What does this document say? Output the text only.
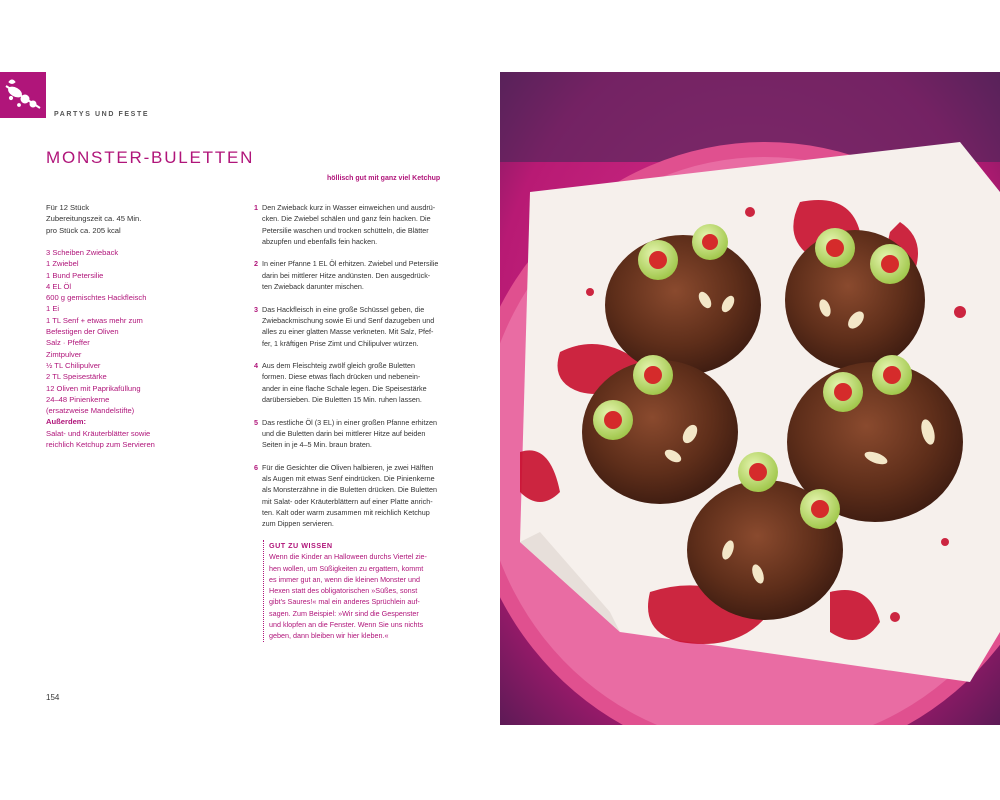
PARTYS UND FESTE
MONSTER-BULETTEN
höllisch gut mit ganz viel Ketchup
Für 12 Stück
Zubereitungszeit ca. 45 Min.
pro Stück ca. 205 kcal
3 Scheiben Zwieback
1 Zwiebel
1 Bund Petersilie
4 EL Öl
600 g gemischtes Hackfleisch
1 Ei
1 TL Senf + etwas mehr zum
Befestigen der Oliven
Salz · Pfeffer
Zimtpulver
½ TL Chilipulver
2 TL Speisestärke
12 Oliven mit Paprikafüllung
24–48 Pinienkerne
(ersatzweise Mandelstifte)
Außerdem:
Salat- und Kräuterblätter sowie
reichlich Ketchup zum Servieren
1 Den Zwieback kurz in Wasser einweichen und ausdrü-
cken. Die Zwiebel schälen und ganz fein hacken. Die
Petersilie waschen und trocken schütteln, die Blätter
abzupfen und ebenfalls fein hacken.
2 In einer Pfanne 1 EL Öl erhitzen. Zwiebel und Petersilie
darin bei mittlerer Hitze andünsten. Den ausgedrück-
ten Zwieback darunter mischen.
3 Das Hackfleisch in eine große Schüssel geben, die
Zwiebackmischung sowie Ei und Senf dazugeben und
alles zu einer glatten Masse verkneten. Mit Salz, Pfef-
fer, 1 kräftigen Prise Zimt und Chilipulver würzen.
4 Aus dem Fleischteig zwölf gleich große Buletten
formen. Diese etwas flach drücken und nebenein-
ander in eine flache Schale legen. Die Speisestärke
darübersieben. Die Buletten 15 Min. ruhen lassen.
5 Das restliche Öl (3 EL) in einer großen Pfanne erhitzen
und die Buletten darin bei mittlerer Hitze auf beiden
Seiten in je 4–5 Min. braun braten.
6 Für die Gesichter die Oliven halbieren, je zwei Hälften
als Augen mit etwas Senf eindrücken. Die Pinienkerne
als Monsterzähne in die Buletten drücken. Die Buletten
mit Salat- oder Kräuterblättern auf einer Platte anrich-
ten. Kalt oder warm zusammen mit reichlich Ketchup
zum Dippen servieren.
GUT ZU WISSEN
Wenn die Kinder an Halloween durchs Viertel zie-
hen wollen, um Süßigkeiten zu ergattern, kommt
es immer gut an, wenn die kleinen Monster und
Hexen statt des obligatorischen »Süßes, sonst
gibt's Saures!« mal ein anderes Sprüchlein auf-
sagen. Zum Beispiel: »Wir sind die Gespenster
und klopfen an die Fenster. Wenn Sie uns nichts
geben, dann bleiben wir hier kleben.«
154
